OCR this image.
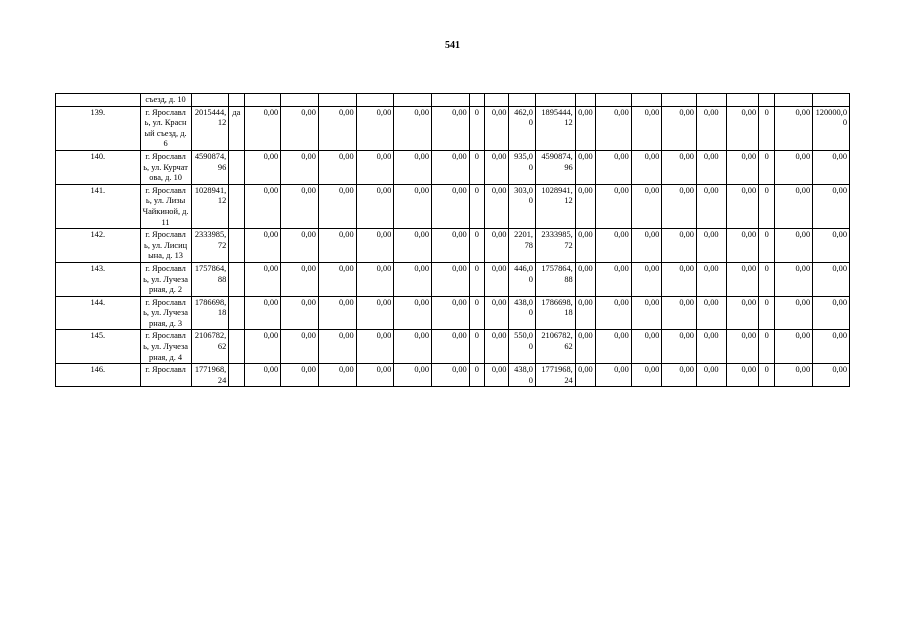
541
	съезд, д. 10																					
139.	г. Ярославль, ул. Красный съезд, д. 6	2015444,12	да	0,00	0,00	0,00	0,00	0,00	0,00	0	0,00	462,00	1895444,12	0,00	0,00	0,00	0,00	0,00	0,00	0	0,00	120000,00
140.	г. Ярославль, ул. Курчатова, д. 10	4590874,96		0,00	0,00	0,00	0,00	0,00	0,00	0	0,00	935,00	4590874,96	0,00	0,00	0,00	0,00	0,00	0,00	0	0,00	0,00
141.	г. Ярославль, ул. Лизы Чайкиной, д. 11	1028941,12		0,00	0,00	0,00	0,00	0,00	0,00	0	0,00	303,00	1028941,12	0,00	0,00	0,00	0,00	0,00	0,00	0	0,00	0,00
142.	г. Ярославль, ул. Лисицына, д. 13	2333985,72		0,00	0,00	0,00	0,00	0,00	0,00	0	0,00	2201,78	2333985,72	0,00	0,00	0,00	0,00	0,00	0,00	0	0,00	0,00
143.	г. Ярославль, ул. Лучезарная, д. 2	1757864,88		0,00	0,00	0,00	0,00	0,00	0,00	0	0,00	446,00	1757864,88	0,00	0,00	0,00	0,00	0,00	0,00	0	0,00	0,00
144.	г. Ярославль, ул. Лучезарная, д. 3	1786698,18		0,00	0,00	0,00	0,00	0,00	0,00	0	0,00	438,00	1786698,18	0,00	0,00	0,00	0,00	0,00	0,00	0	0,00	0,00
145.	г. Ярославль, ул. Лучезарная, д. 4	2106782,62		0,00	0,00	0,00	0,00	0,00	0,00	0	0,00	550,00	2106782,62	0,00	0,00	0,00	0,00	0,00	0,00	0	0,00	0,00
146.	г. Ярославл	1771968,24		0,00	0,00	0,00	0,00	0,00	0,00	0	0,00	438,00	1771968,24	0,00	0,00	0,00	0,00	0,00	0,00	0	0,00	0,00
